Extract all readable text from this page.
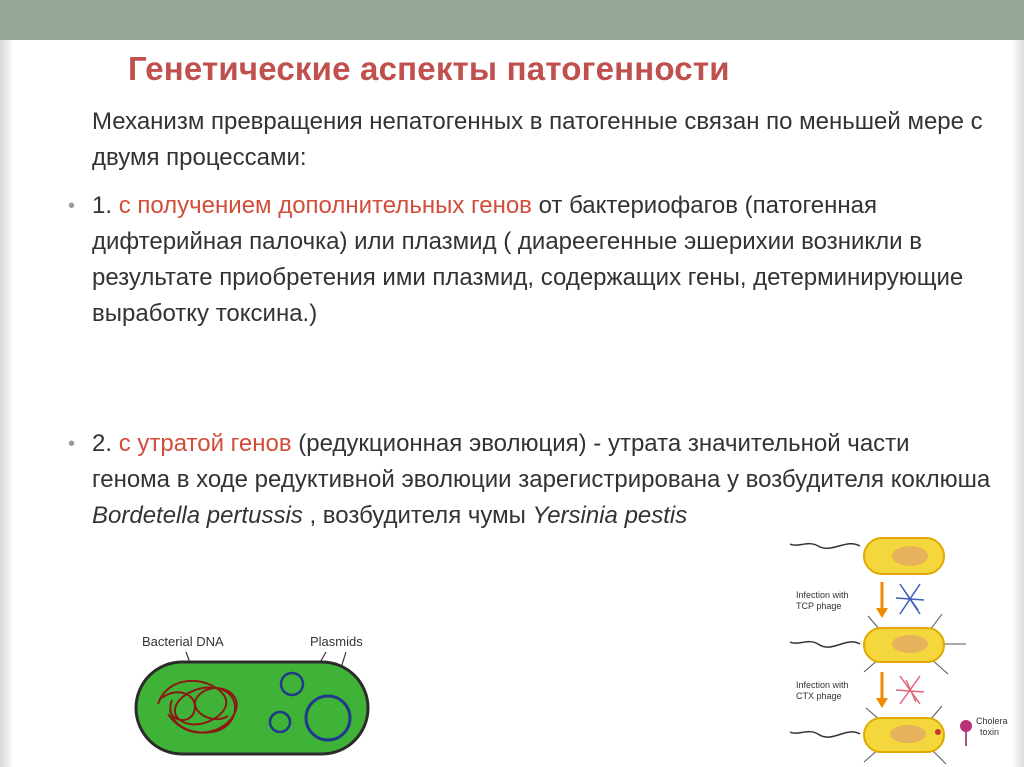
Генетические аспекты патогенности
Механизм превращения непатогенных в патогенные связан по меньшей мере с двумя процессами:
• 1. с получением дополнительных генов от бактериофагов (патогенная дифтерийная палочка) или плазмид ( диареегенные эшерихии возникли в результате приобретения ими плазмид, содержащих гены, детерминирующие выработку токсина.)
• 2. с утратой генов (редукционная эволюция) - утрата значительной части генома в ходе редуктивной эволюции зарегистрирована у возбудителя коклюша Bordetella pertussis , возбудителя чумы Yersinia pestis
Bacterial DNA	Plasmids
Infection with
TCP phage
Infection with
CTX phage
Cholera
toxin
